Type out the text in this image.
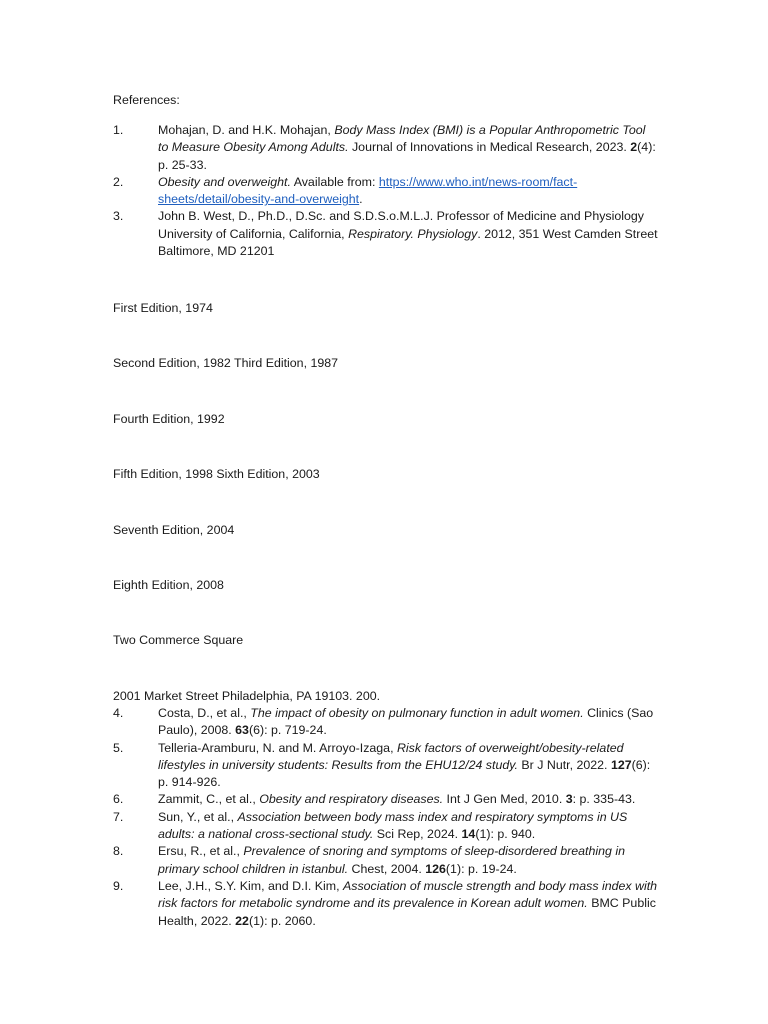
References:
1.	Mohajan, D. and H.K. Mohajan, Body Mass Index (BMI) is a Popular Anthropometric Tool to Measure Obesity Among Adults. Journal of Innovations in Medical Research, 2023. 2(4): p. 25-33.
2.	Obesity and overweight. Available from: https://www.who.int/news-room/fact-sheets/detail/obesity-and-overweight.
3.	John B. West, D., Ph.D., D.Sc. and S.D.S.o.M.L.J. Professor of Medicine and Physiology University of California, California, Respiratory. Physiology. 2012, 351 West Camden Street Baltimore, MD 21201
First Edition, 1974
Second Edition, 1982 Third Edition, 1987
Fourth Edition, 1992
Fifth Edition, 1998 Sixth Edition, 2003
Seventh Edition, 2004
Eighth Edition, 2008
Two Commerce Square
2001 Market Street Philadelphia, PA 19103. 200.
4.	Costa, D., et al., The impact of obesity on pulmonary function in adult women. Clinics (Sao Paulo), 2008. 63(6): p. 719-24.
5.	Telleria-Aramburu, N. and M. Arroyo-Izaga, Risk factors of overweight/obesity-related lifestyles in university students: Results from the EHU12/24 study. Br J Nutr, 2022. 127(6): p. 914-926.
6.	Zammit, C., et al., Obesity and respiratory diseases. Int J Gen Med, 2010. 3: p. 335-43.
7.	Sun, Y., et al., Association between body mass index and respiratory symptoms in US adults: a national cross-sectional study. Sci Rep, 2024. 14(1): p. 940.
8.	Ersu, R., et al., Prevalence of snoring and symptoms of sleep-disordered breathing in primary school children in istanbul. Chest, 2004. 126(1): p. 19-24.
9.	Lee, J.H., S.Y. Kim, and D.I. Kim, Association of muscle strength and body mass index with risk factors for metabolic syndrome and its prevalence in Korean adult women. BMC Public Health, 2022. 22(1): p. 2060.
